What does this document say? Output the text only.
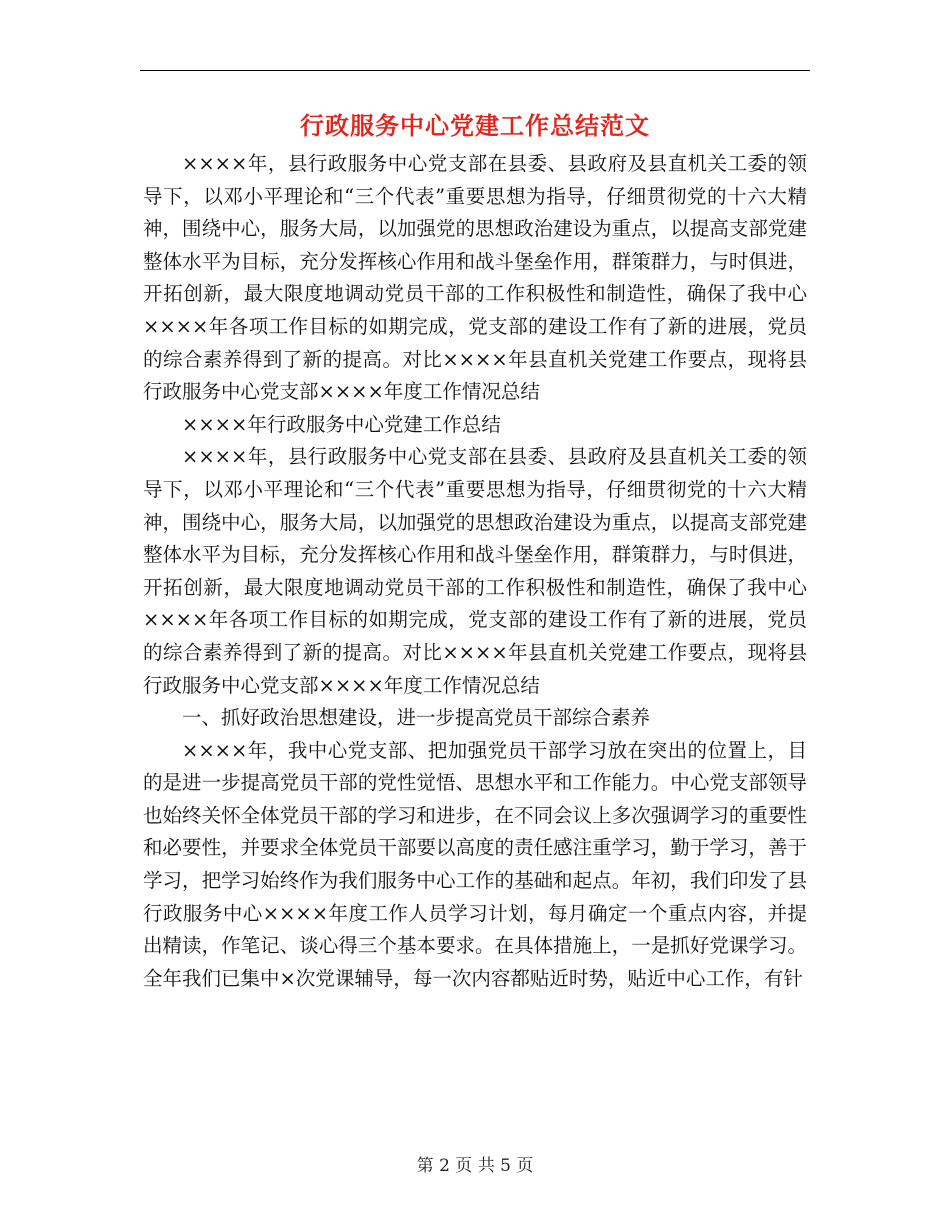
行政服务中心党建工作总结范文

××××年，县行政服务中心党支部在县委、县政府及县直机关工委的领导下，以邓小平理论和“三个代表”重要思想为指导，仔细贯彻党的十六大精神，围绕中心，服务大局，以加强党的思想政治建设为重点，以提高支部党建整体水平为目标，充分发挥核心作用和战斗堡垒作用，群策群力，与时俱进，开拓创新，最大限度地调动党员干部的工作积极性和制造性，确保了我中心××××年各项工作目标的如期完成，党支部的建设工作有了新的进展，党员的综合素养得到了新的提高。对比××××年县直机关党建工作要点，现将县行政服务中心党支部××××年度工作情况总结

××××年行政服务中心党建工作总结

××××年，县行政服务中心党支部在县委、县政府及县直机关工委的领导下，以邓小平理论和“三个代表”重要思想为指导，仔细贯彻党的十六大精神，围绕中心，服务大局，以加强党的思想政治建设为重点，以提高支部党建整体水平为目标，充分发挥核心作用和战斗堡垒作用，群策群力，与时俱进，开拓创新，最大限度地调动党员干部的工作积极性和制造性，确保了我中心××××年各项工作目标的如期完成，党支部的建设工作有了新的进展，党员的综合素养得到了新的提高。对比××××年县直机关党建工作要点，现将县行政服务中心党支部××××年度工作情况总结

一、抓好政治思想建设，进一步提高党员干部综合素养

××××年，我中心党支部、把加强党员干部学习放在突出的位置上，目的是进一步提高党员干部的党性觉悟、思想水平和工作能力。中心党支部领导也始终关怀全体党员干部的学习和进步，在不同会议上多次强调学习的重要性和必要性，并要求全体党员干部要以高度的责任感注重学习，勤于学习，善于学习，把学习始终作为我们服务中心工作的基础和起点。年初，我们印发了县行政服务中心××××年度工作人员学习计划，每月确定一个重点内容，并提出精读，作笔记、谈心得三个基本要求。在具体措施上，一是抓好党课学习。全年我们已集中×次党课辅导，每一次内容都贴近时势，贴近中心工作，有针

第 2 页 共 5 页
